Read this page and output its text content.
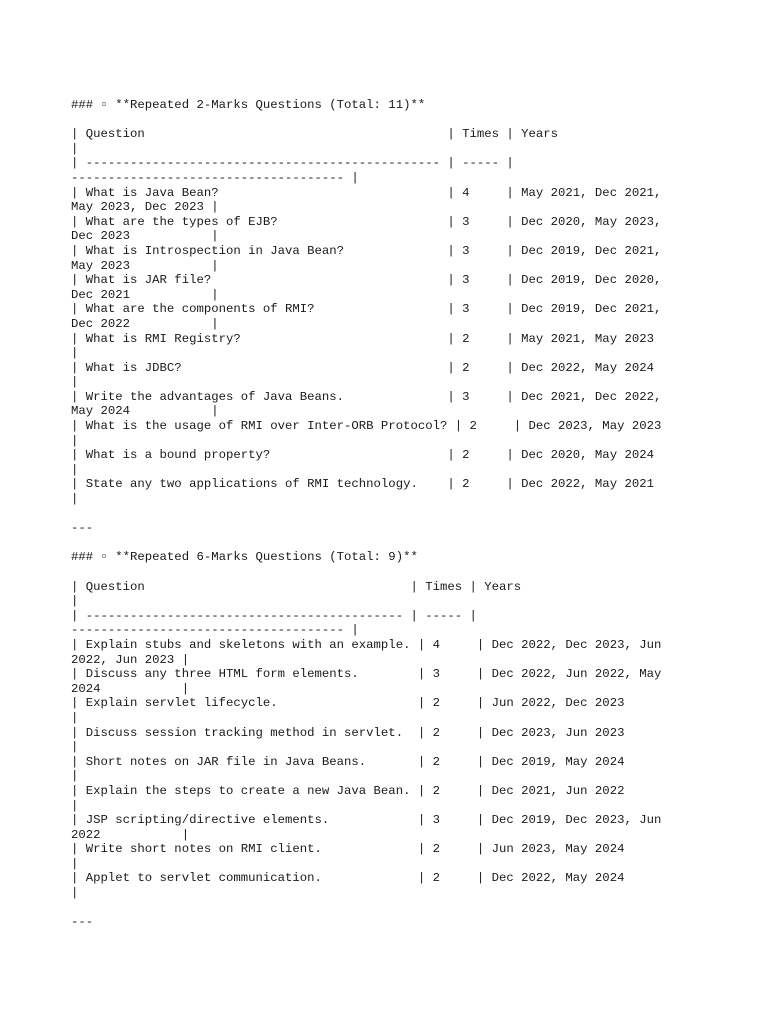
### ▫ **Repeated 2-Marks Questions (Total: 11)**
| Question                                         | Times | Years
|
| ------------------------------------------------ | ----- |
------------------------------------- |
| What is Java Bean?                               | 4     | May 2021, Dec 2021,
May 2023, Dec 2023 |
| What are the types of EJB?                       | 3     | Dec 2020, May 2023,
Dec 2023           |
| What is Introspection in Java Bean?              | 3     | Dec 2019, Dec 2021,
May 2023           |
| What is JAR file?                                | 3     | Dec 2019, Dec 2020,
Dec 2021           |
| What are the components of RMI?                  | 3     | Dec 2019, Dec 2021,
Dec 2022           |
| What is RMI Registry?                            | 2     | May 2021, May 2023
|
| What is JDBC?                                    | 2     | Dec 2022, May 2024
|
| Write the advantages of Java Beans.              | 3     | Dec 2021, Dec 2022,
May 2024           |
| What is the usage of RMI over Inter-ORB Protocol? | 2     | Dec 2023, May 2023
|
| What is a bound property?                        | 2     | Dec 2020, May 2024
|
| State any two applications of RMI technology.    | 2     | Dec 2022, May 2021
|
---
### ▫ **Repeated 6-Marks Questions (Total: 9)**
| Question                                    | Times | Years
|
| ------------------------------------------- | ----- |
------------------------------------- |
| Explain stubs and skeletons with an example. | 4     | Dec 2022, Dec 2023, Jun
2022, Jun 2023 |
| Discuss any three HTML form elements.        | 3     | Dec 2022, Jun 2022, May
2024           |
| Explain servlet lifecycle.                   | 2     | Jun 2022, Dec 2023
|
| Discuss session tracking method in servlet.  | 2     | Dec 2023, Jun 2023
|
| Short notes on JAR file in Java Beans.       | 2     | Dec 2019, May 2024
|
| Explain the steps to create a new Java Bean. | 2     | Dec 2021, Jun 2022
|
| JSP scripting/directive elements.            | 3     | Dec 2019, Dec 2023, Jun
2022           |
| Write short notes on RMI client.             | 2     | Jun 2023, May 2024
|
| Applet to servlet communication.             | 2     | Dec 2022, May 2024
|
---
